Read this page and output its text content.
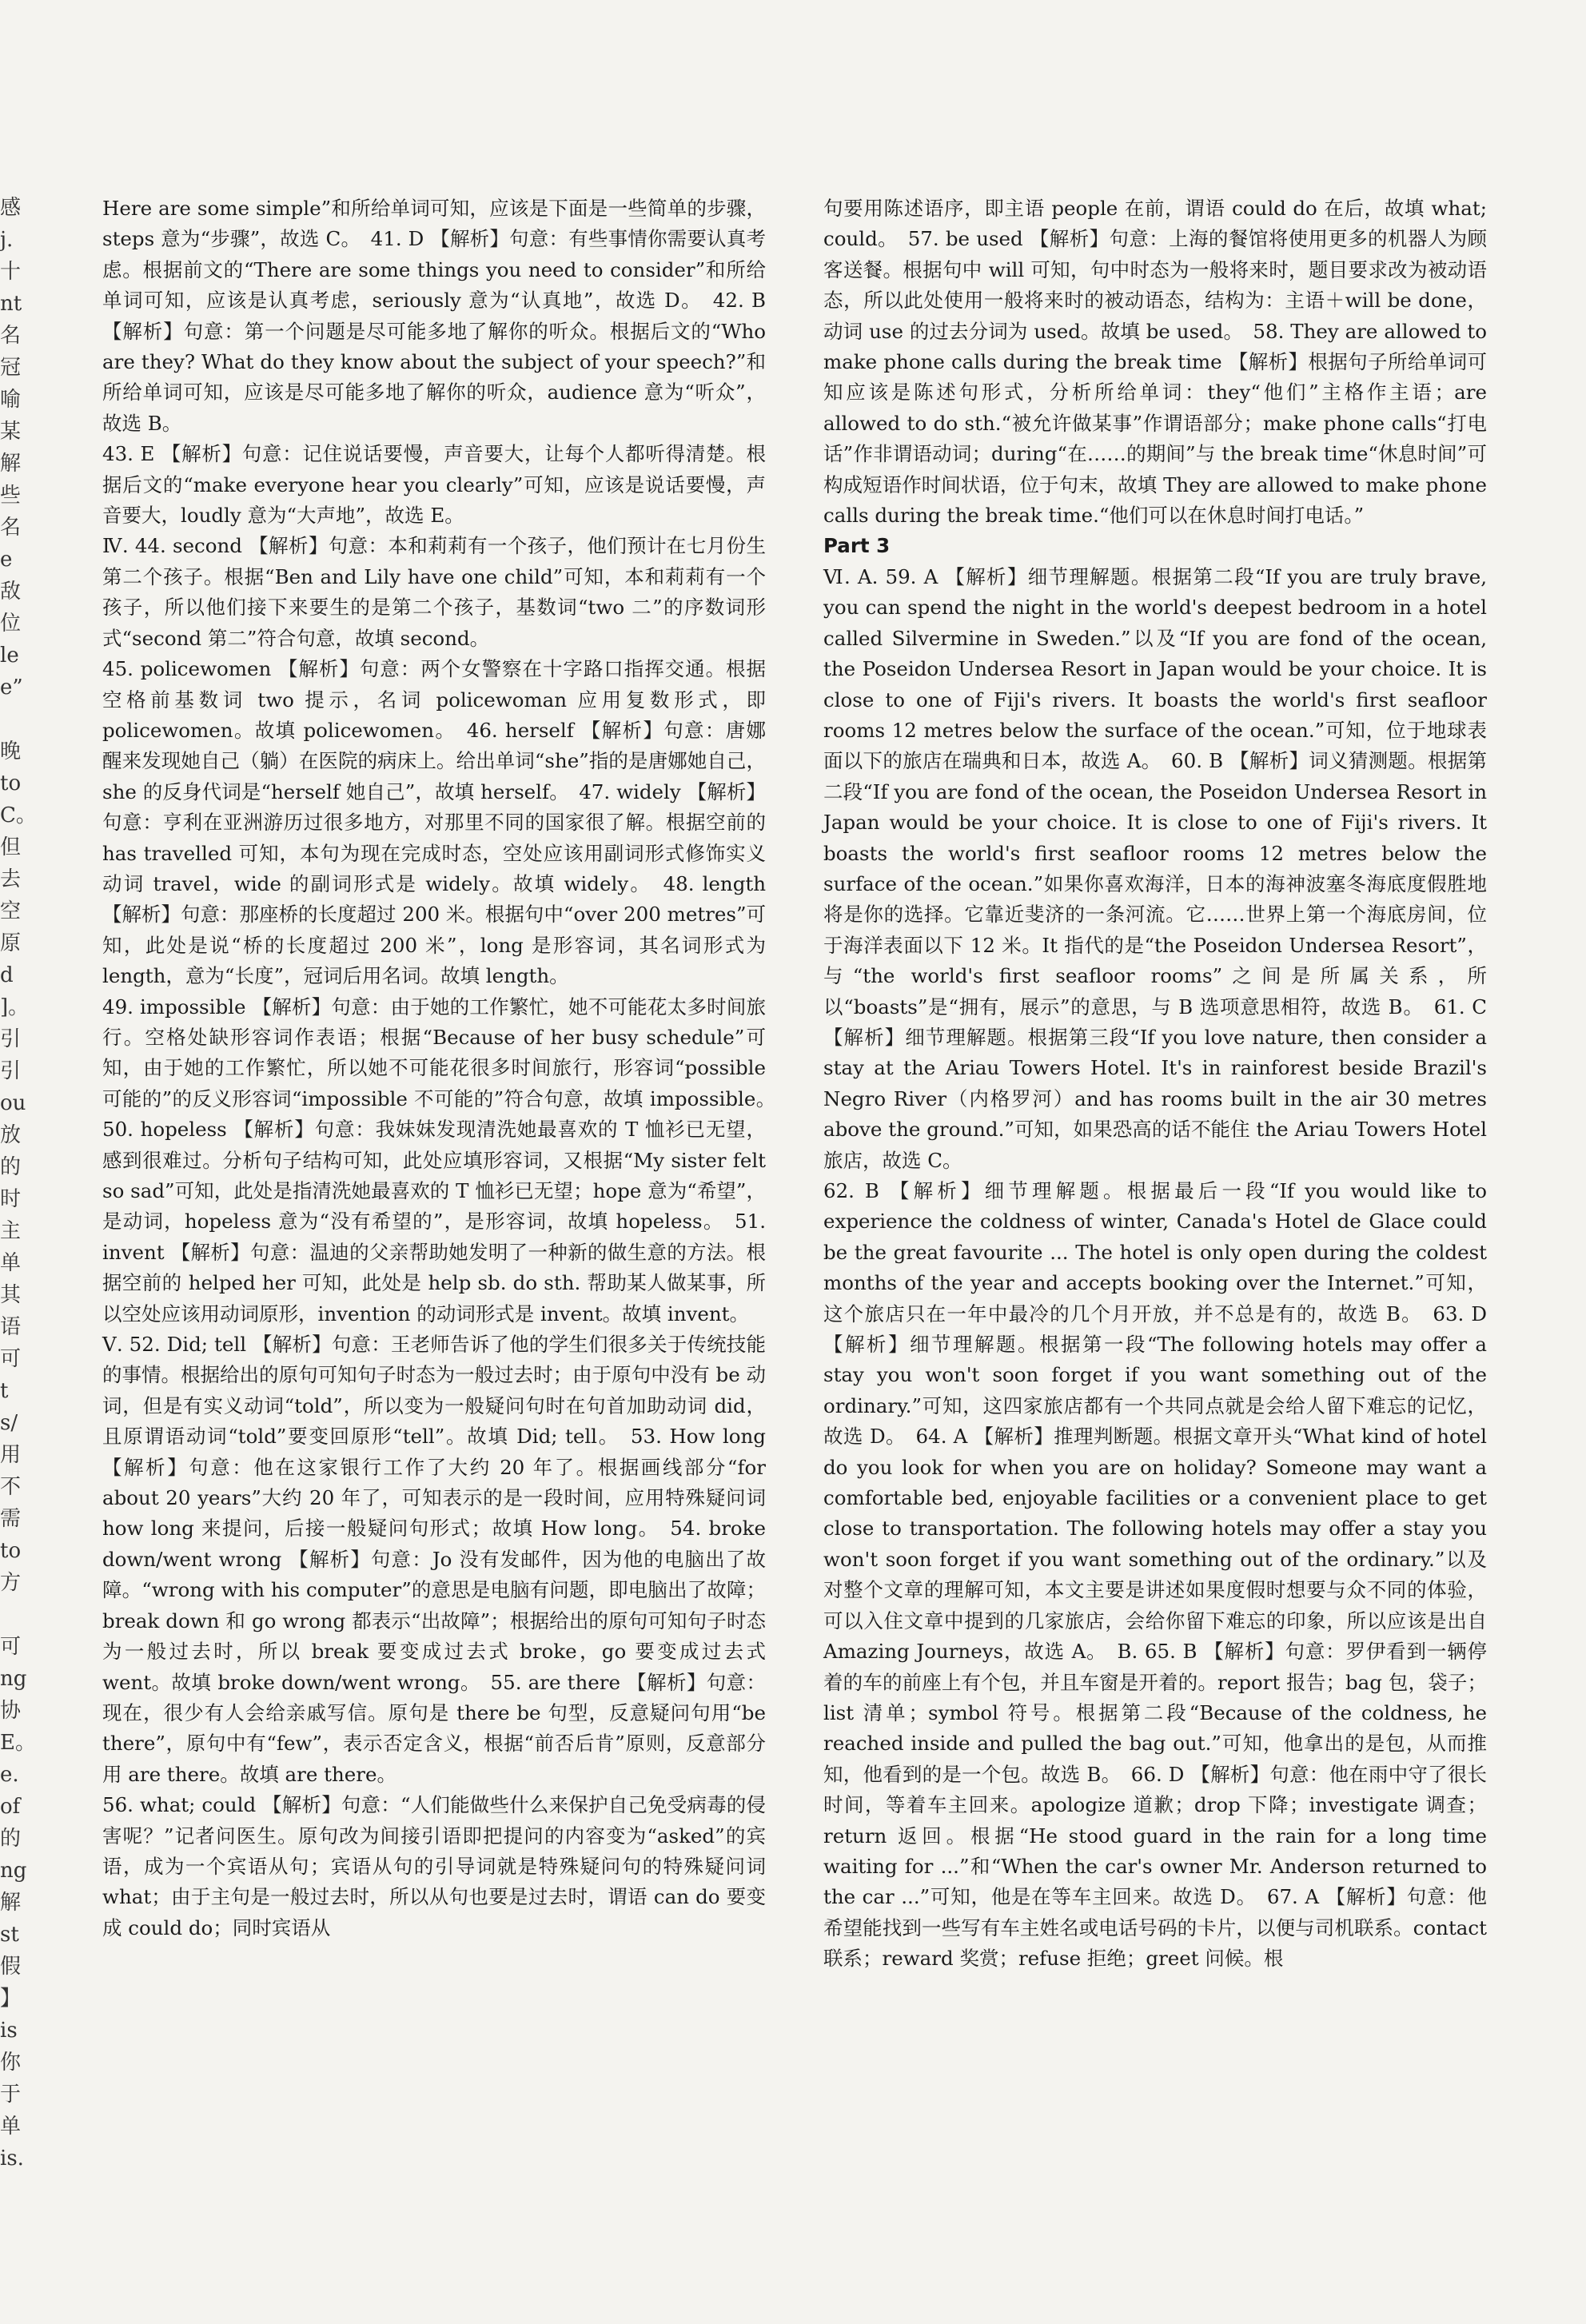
感
j.
十
nt
名
冠
喻
某
解
些
名
e
敌
位
le
e”
晚
to
C。
但
去
空
原
d
]。
引
引
ou
放
的
时
主
单
其
语
可
t
s/
用
不
需
to
方
可
ng
协
E。
e.
of
的
ng
解
st
假
】
is
你
于
单
is.

Here are some simple”和所给单词可知，应该是下面是一些简单的步骤，steps 意为“步骤”，故选 C。　41. D 【解析】句意：有些事情你需要认真考虑。根据前文的“There are some things you need to consider”和所给单词可知，应该是认真考虑，seriously 意为“认真地”，故选 D。　42. B 【解析】句意：第一个问题是尽可能多地了解你的听众。根据后文的“Who are they? What do they know about the subject of your speech?”和所给单词可知，应该是尽可能多地了解你的听众，audience 意为“听众”，故选 B。

43. E 【解析】句意：记住说话要慢，声音要大，让每个人都听得清楚。根据后文的“make everyone hear you clearly”可知，应该是说话要慢，声音要大，loudly 意为“大声地”，故选 E。

Ⅳ. 44. second 【解析】句意：本和莉莉有一个孩子，他们预计在七月份生第二个孩子。根据“Ben and Lily have one child”可知，本和莉莉有一个孩子，所以他们接下来要生的是第二个孩子，基数词“two 二”的序数词形式“second 第二”符合句意，故填 second。

45. policewomen 【解析】句意：两个女警察在十字路口指挥交通。根据空格前基数词 two 提示，名词 policewoman 应用复数形式，即 policewomen。故填 policewomen。　46. herself 【解析】句意：唐娜醒来发现她自己（躺）在医院的病床上。给出单词“she”指的是唐娜她自己，she 的反身代词是“herself 她自己”，故填 herself。　47. widely 【解析】句意：亨利在亚洲游历过很多地方，对那里不同的国家很了解。根据空前的 has travelled 可知，本句为现在完成时态，空处应该用副词形式修饰实义动词 travel，wide 的副词形式是 widely。故填 widely。　48. length 【解析】句意：那座桥的长度超过 200 米。根据句中“over 200 metres”可知，此处是说“桥的长度超过 200 米”，long 是形容词，其名词形式为 length，意为“长度”，冠词后用名词。故填 length。

49. impossible 【解析】句意：由于她的工作繁忙，她不可能花太多时间旅行。空格处缺形容词作表语；根据“Because of her busy schedule”可知，由于她的工作繁忙，所以她不可能花很多时间旅行，形容词“possible 可能的”的反义形容词“impossible 不可能的”符合句意，故填 impossible。　50. hopeless 【解析】句意：我妹妹发现清洗她最喜欢的 T 恤衫已无望，感到很难过。分析句子结构可知，此处应填形容词，又根据“My sister felt so sad”可知，此处是指清洗她最喜欢的 T 恤衫已无望；hope 意为“希望”，是动词，hopeless 意为“没有希望的”，是形容词，故填 hopeless。　51. invent 【解析】句意：温迪的父亲帮助她发明了一种新的做生意的方法。根据空前的 helped her 可知，此处是 help sb. do sth. 帮助某人做某事，所以空处应该用动词原形，invention 的动词形式是 invent。故填 invent。

Ⅴ. 52. Did; tell 【解析】句意：王老师告诉了他的学生们很多关于传统技能的事情。根据给出的原句可知句子时态为一般过去时；由于原句中没有 be 动词，但是有实义动词“told”，所以变为一般疑问句时在句首加助动词 did，且原谓语动词“told”要变回原形“tell”。故填 Did; tell。　53. How long 【解析】句意：他在这家银行工作了大约 20 年了。根据画线部分“for about 20 years”大约 20 年了，可知表示的是一段时间，应用特殊疑问词 how long 来提问，后接一般疑问句形式；故填 How long。　54. broke down/went wrong 【解析】句意：Jo 没有发邮件，因为他的电脑出了故障。“wrong with his computer”的意思是电脑有问题，即电脑出了故障；break down 和 go wrong 都表示“出故障”；根据给出的原句可知句子时态为一般过去时，所以 break 要变成过去式 broke，go 要变成过去式 went。故填 broke down/went wrong。　55. are there 【解析】句意：现在，很少有人会给亲戚写信。原句是 there be 句型，反意疑问句用“be there”，原句中有“few”，表示否定含义，根据“前否后肯”原则，反意部分用 are there。故填 are there。

56. what; could 【解析】句意：“人们能做些什么来保护自己免受病毒的侵害呢？”记者问医生。原句改为间接引语即把提问的内容变为“asked”的宾语，成为一个宾语从句；宾语从句的引导词就是特殊疑问句的特殊疑问词 what；由于主句是一般过去时，所以从句也要是过去时，谓语 can do 要变成 could do；同时宾语从

句要用陈述语序，即主语 people 在前，谓语 could do 在后，故填 what; could。　57. be used 【解析】句意：上海的餐馆将使用更多的机器人为顾客送餐。根据句中 will 可知，句中时态为一般将来时，题目要求改为被动语态，所以此处使用一般将来时的被动语态，结构为：主语＋will be done，动词 use 的过去分词为 used。故填 be used。　58. They are allowed to make phone calls during the break time 【解析】根据句子所给单词可知应该是陈述句形式，分析所给单词：they“他们”主格作主语；are allowed to do sth.“被允许做某事”作谓语部分；make phone calls“打电话”作非谓语动词；during“在……的期间”与 the break time“休息时间”可构成短语作时间状语，位于句末，故填 They are allowed to make phone calls during the break time.“他们可以在休息时间打电话。”

Part 3

Ⅵ. A. 59. A 【解析】细节理解题。根据第二段“If you are truly brave, you can spend the night in the world's deepest bedroom in a hotel called Silvermine in Sweden.”以及“If you are fond of the ocean, the Poseidon Undersea Resort in Japan would be your choice. It is close to one of Fiji's rivers. It boasts the world's first seafloor rooms 12 metres below the surface of the ocean.”可知，位于地球表面以下的旅店在瑞典和日本，故选 A。　60. B 【解析】词义猜测题。根据第二段“If you are fond of the ocean, the Poseidon Undersea Resort in Japan would be your choice. It is close to one of Fiji's rivers. It boasts the world's first seafloor rooms 12 metres below the surface of the ocean.”如果你喜欢海洋，日本的海神波塞冬海底度假胜地将是你的选择。它靠近斐济的一条河流。它……世界上第一个海底房间，位于海洋表面以下 12 米。It 指代的是“the Poseidon Undersea Resort”，与“the world's first seafloor rooms”之间是所属关系，所以“boasts”是“拥有，展示”的意思，与 B 选项意思相符，故选 B。　61. C 【解析】细节理解题。根据第三段“If you love nature, then consider a stay at the Ariau Towers Hotel. It's in rainforest beside Brazil's Negro River（内格罗河）and has rooms built in the air 30 metres above the ground.”可知，如果恐高的话不能住 the Ariau Towers Hotel 旅店，故选 C。

62. B 【解析】细节理解题。根据最后一段“If you would like to experience the coldness of winter, Canada's Hotel de Glace could be the great favourite ... The hotel is only open during the coldest months of the year and accepts booking over the Internet.”可知，这个旅店只在一年中最冷的几个月开放，并不总是有的，故选 B。　63. D 【解析】细节理解题。根据第一段“The following hotels may offer a stay you won't soon forget if you want something out of the ordinary.”可知，这四家旅店都有一个共同点就是会给人留下难忘的记忆，故选 D。　64. A 【解析】推理判断题。根据文章开头“What kind of hotel do you look for when you are on holiday? Someone may want a comfortable bed, enjoyable facilities or a convenient place to get close to transportation. The following hotels may offer a stay you won't soon forget if you want something out of the ordinary.”以及对整个文章的理解可知，本文主要是讲述如果度假时想要与众不同的体验，可以入住文章中提到的几家旅店，会给你留下难忘的印象，所以应该是出自 Amazing Journeys，故选 A。　B. 65. B 【解析】句意：罗伊看到一辆停着的车的前座上有个包，并且车窗是开着的。report 报告；bag 包，袋子；list 清单；symbol 符号。根据第二段“Because of the coldness, he reached inside and pulled the bag out.”可知，他拿出的是包，从而推知，他看到的是一个包。故选 B。　66. D 【解析】句意：他在雨中守了很长时间，等着车主回来。apologize 道歉；drop 下降；investigate 调查；return 返回。根据“He stood guard in the rain for a long time waiting for ...”和“When the car's owner Mr. Anderson returned to the car ...”可知，他是在等车主回来。故选 D。　67. A 【解析】句意：他希望能找到一些写有车主姓名或电话号码的卡片，以便与司机联系。contact 联系；reward 奖赏；refuse 拒绝；greet 问候。根
